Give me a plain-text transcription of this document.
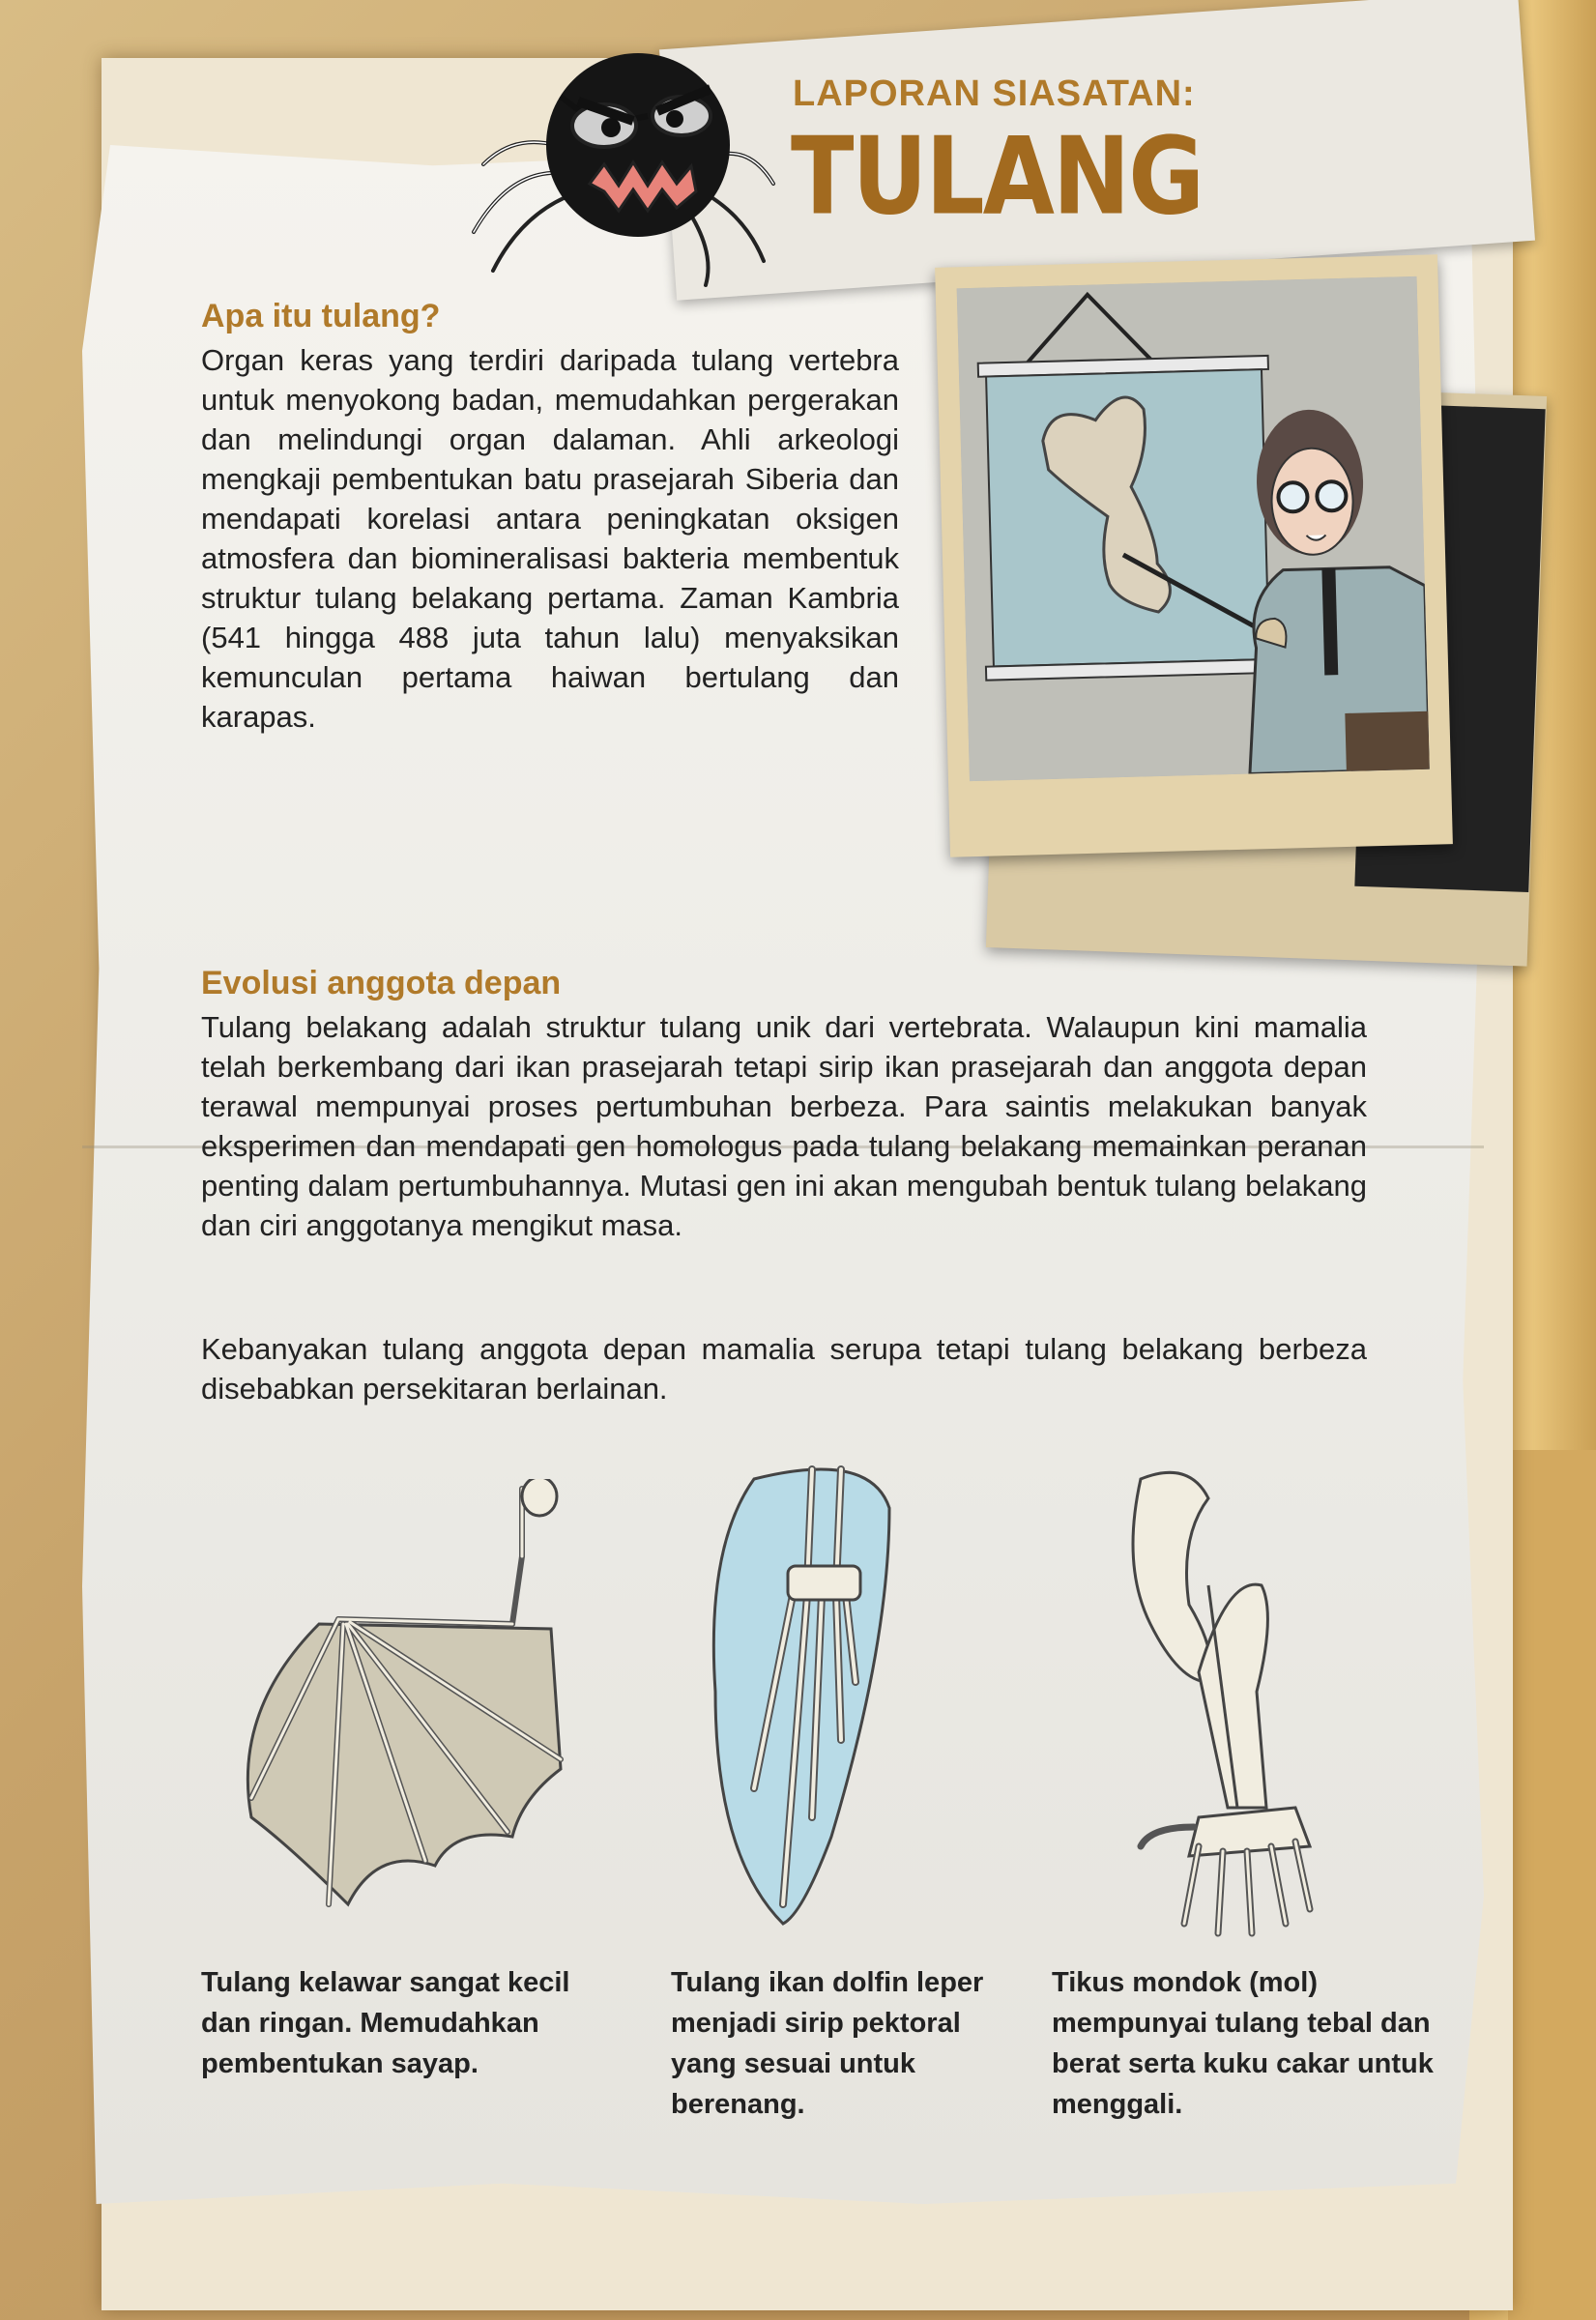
LAPORAN SIASATAN:
TULANG
Apa itu tulang?

Organ keras yang terdiri daripada tulang vertebra untuk menyokong badan, memudahkan pergerakan dan melindungi organ dalaman. Ahli arkeologi mengkaji pembentukan batu prasejarah Siberia dan mendapati korelasi antara peningkatan oksigen atmosfera dan biomineralisasi bakteria membentuk struktur tulang belakang pertama. Zaman Kambria (541 hingga 488 juta tahun lalu) menyaksikan kemunculan pertama haiwan bertulang dan karapas.

Evolusi anggota depan

Tulang belakang adalah struktur tulang unik dari vertebrata. Walaupun kini mamalia telah berkembang dari ikan prasejarah tetapi sirip ikan prasejarah dan anggota depan terawal mempunyai proses pertumbuhan berbeza. Para saintis melakukan banyak eksperimen dan mendapati gen homologus pada tulang belakang memainkan peranan penting dalam pertumbuhannya. Mutasi gen ini akan mengubah bentuk tulang belakang dan ciri anggotanya mengikut masa.

Kebanyakan tulang anggota depan mamalia serupa tetapi tulang belakang berbeza disebabkan persekitaran berlainan.

Tulang kelawar sangat kecil dan ringan. Memudahkan pembentukan sayap.

Tulang ikan dolfin leper menjadi sirip pektoral yang sesuai untuk berenang.

Tikus mondok (mol) mempunyai tulang tebal dan berat serta kuku cakar untuk menggali.
